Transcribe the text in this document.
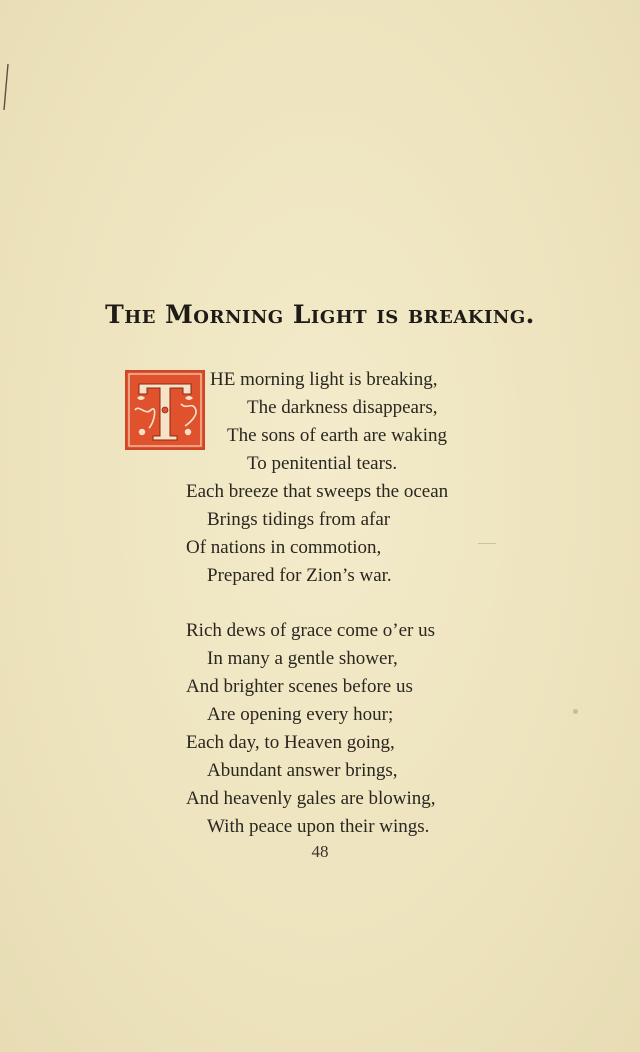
The Morning Light is breaking.
HE morning light is breaking,
The darkness disappears,
The sons of earth are waking
To penitential tears.
Each breeze that sweeps the ocean
Brings tidings from afar
Of nations in commotion,
Prepared for Zion’s war.
Rich dews of grace come o’er us
In many a gentle shower,
And brighter scenes before us
Are opening every hour;
Each day, to Heaven going,
Abundant answer brings,
And heavenly gales are blowing,
With peace upon their wings.
48
